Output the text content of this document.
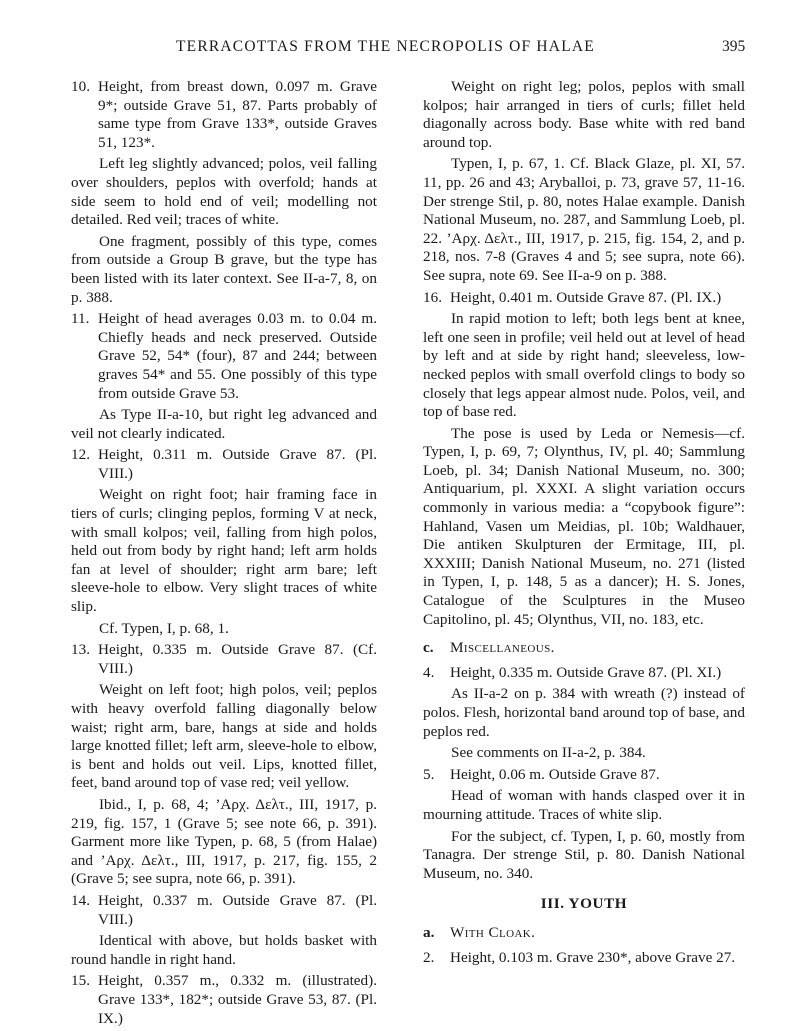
TERRACOTTAS FROM THE NECROPOLIS OF HALAE	395
10. Height, from breast down, 0.097 m. Grave 9*; outside Grave 51, 87. Parts probably of same type from Grave 133*, outside Graves 51, 123*.

Left leg slightly advanced; polos, veil falling over shoulders, peplos with overfold; hands at side seem to hold end of veil; modelling not detailed. Red veil; traces of white.

One fragment, possibly of this type, comes from outside a Group B grave, but the type has been listed with its later context. See II-a-7, 8, on p. 388.

11. Height of head averages 0.03 m. to 0.04 m. Chiefly heads and neck preserved. Outside Grave 52, 54* (four), 87 and 244; between graves 54* and 55. One possibly of this type from outside Grave 53.

As Type II-a-10, but right leg advanced and veil not clearly indicated.

12. Height, 0.311 m. Outside Grave 87. (Pl. VIII.)

Weight on right foot; hair framing face in tiers of curls; clinging peplos, forming V at neck, with small kolpos; veil, falling from high polos, held out from body by right hand; left arm holds fan at level of shoulder; right arm bare; left sleeve-hole to elbow. Very slight traces of white slip.

Cf. Typen, I, p. 68, 1.

13. Height, 0.335 m. Outside Grave 87. (Cf. VIII.)

Weight on left foot; high polos, veil; peplos with heavy overfold falling diagonally below waist; right arm, bare, hangs at side and holds large knotted fillet; left arm, sleeve-hole to elbow, is bent and holds out veil. Lips, knotted fillet, feet, band around top of vase red; veil yellow.

Ibid., I, p. 68, 4; ’Αρχ. Δελτ., III, 1917, p. 219, fig. 157, 1 (Grave 5; see note 66, p. 391). Garment more like Typen, p. 68, 5 (from Halae) and ’Αρχ. Δελτ., III, 1917, p. 217, fig. 155, 2 (Grave 5; see supra, note 66, p. 391).

14. Height, 0.337 m. Outside Grave 87. (Pl. VIII.)

Identical with above, but holds basket with round handle in right hand.

15. Height, 0.357 m., 0.332 m. (illustrated). Grave 133*, 182*; outside Grave 53, 87. (Pl. IX.)

Weight on right leg; polos, peplos with small kolpos; hair arranged in tiers of curls; fillet held diagonally across body. Base white with red band around top.

Typen, I, p. 67, 1. Cf. Black Glaze, pl. XI, 57. 11, pp. 26 and 43; Aryballoi, p. 73, grave 57, 11-16. Der strenge Stil, p. 80, notes Halae example. Danish National Museum, no. 287, and Sammlung Loeb, pl. 22. ’Αρχ. Δελτ., III, 1917, p. 215, fig. 154, 2, and p. 218, nos. 7-8 (Graves 4 and 5; see supra, note 66). See supra, note 69. See II-a-9 on p. 388.

16. Height, 0.401 m. Outside Grave 87. (Pl. IX.)

In rapid motion to left; both legs bent at knee, left one seen in profile; veil held out at level of head by left and at side by right hand; sleeveless, low-necked peplos with small overfold clings to body so closely that legs appear almost nude. Polos, veil, and top of base red.

The pose is used by Leda or Nemesis—cf. Typen, I, p. 69, 7; Olynthus, IV, pl. 40; Sammlung Loeb, pl. 34; Danish National Museum, no. 300; Antiquarium, pl. XXXI. A slight variation occurs commonly in various media: a “copybook figure”: Hahland, Vasen um Meidias, pl. 10b; Waldhauer, Die antiken Skulpturen der Ermitage, III, pl. XXXIII; Danish National Museum, no. 271 (listed in Typen, I, p. 148, 5 as a dancer); H. S. Jones, Catalogue of the Sculptures in the Museo Capitolino, pl. 45; Olynthus, VII, no. 183, etc.

c.	Miscellaneous.
4.	Height, 0.335 m. Outside Grave 87. (Pl. XI.)

As II-a-2 on p. 384 with wreath (?) instead of polos. Flesh, horizontal band around top of base, and peplos red.

See comments on II-a-2, p. 384.

5.	Height, 0.06 m. Outside Grave 87.

Head of woman with hands clasped over it in mourning attitude. Traces of white slip.

For the subject, cf. Typen, I, p. 60, mostly from Tanagra. Der strenge Stil, p. 80. Danish National Museum, no. 340.

III. YOUTH
a.	With Cloak.
2.	Height, 0.103 m. Grave 230*, above Grave 27.
